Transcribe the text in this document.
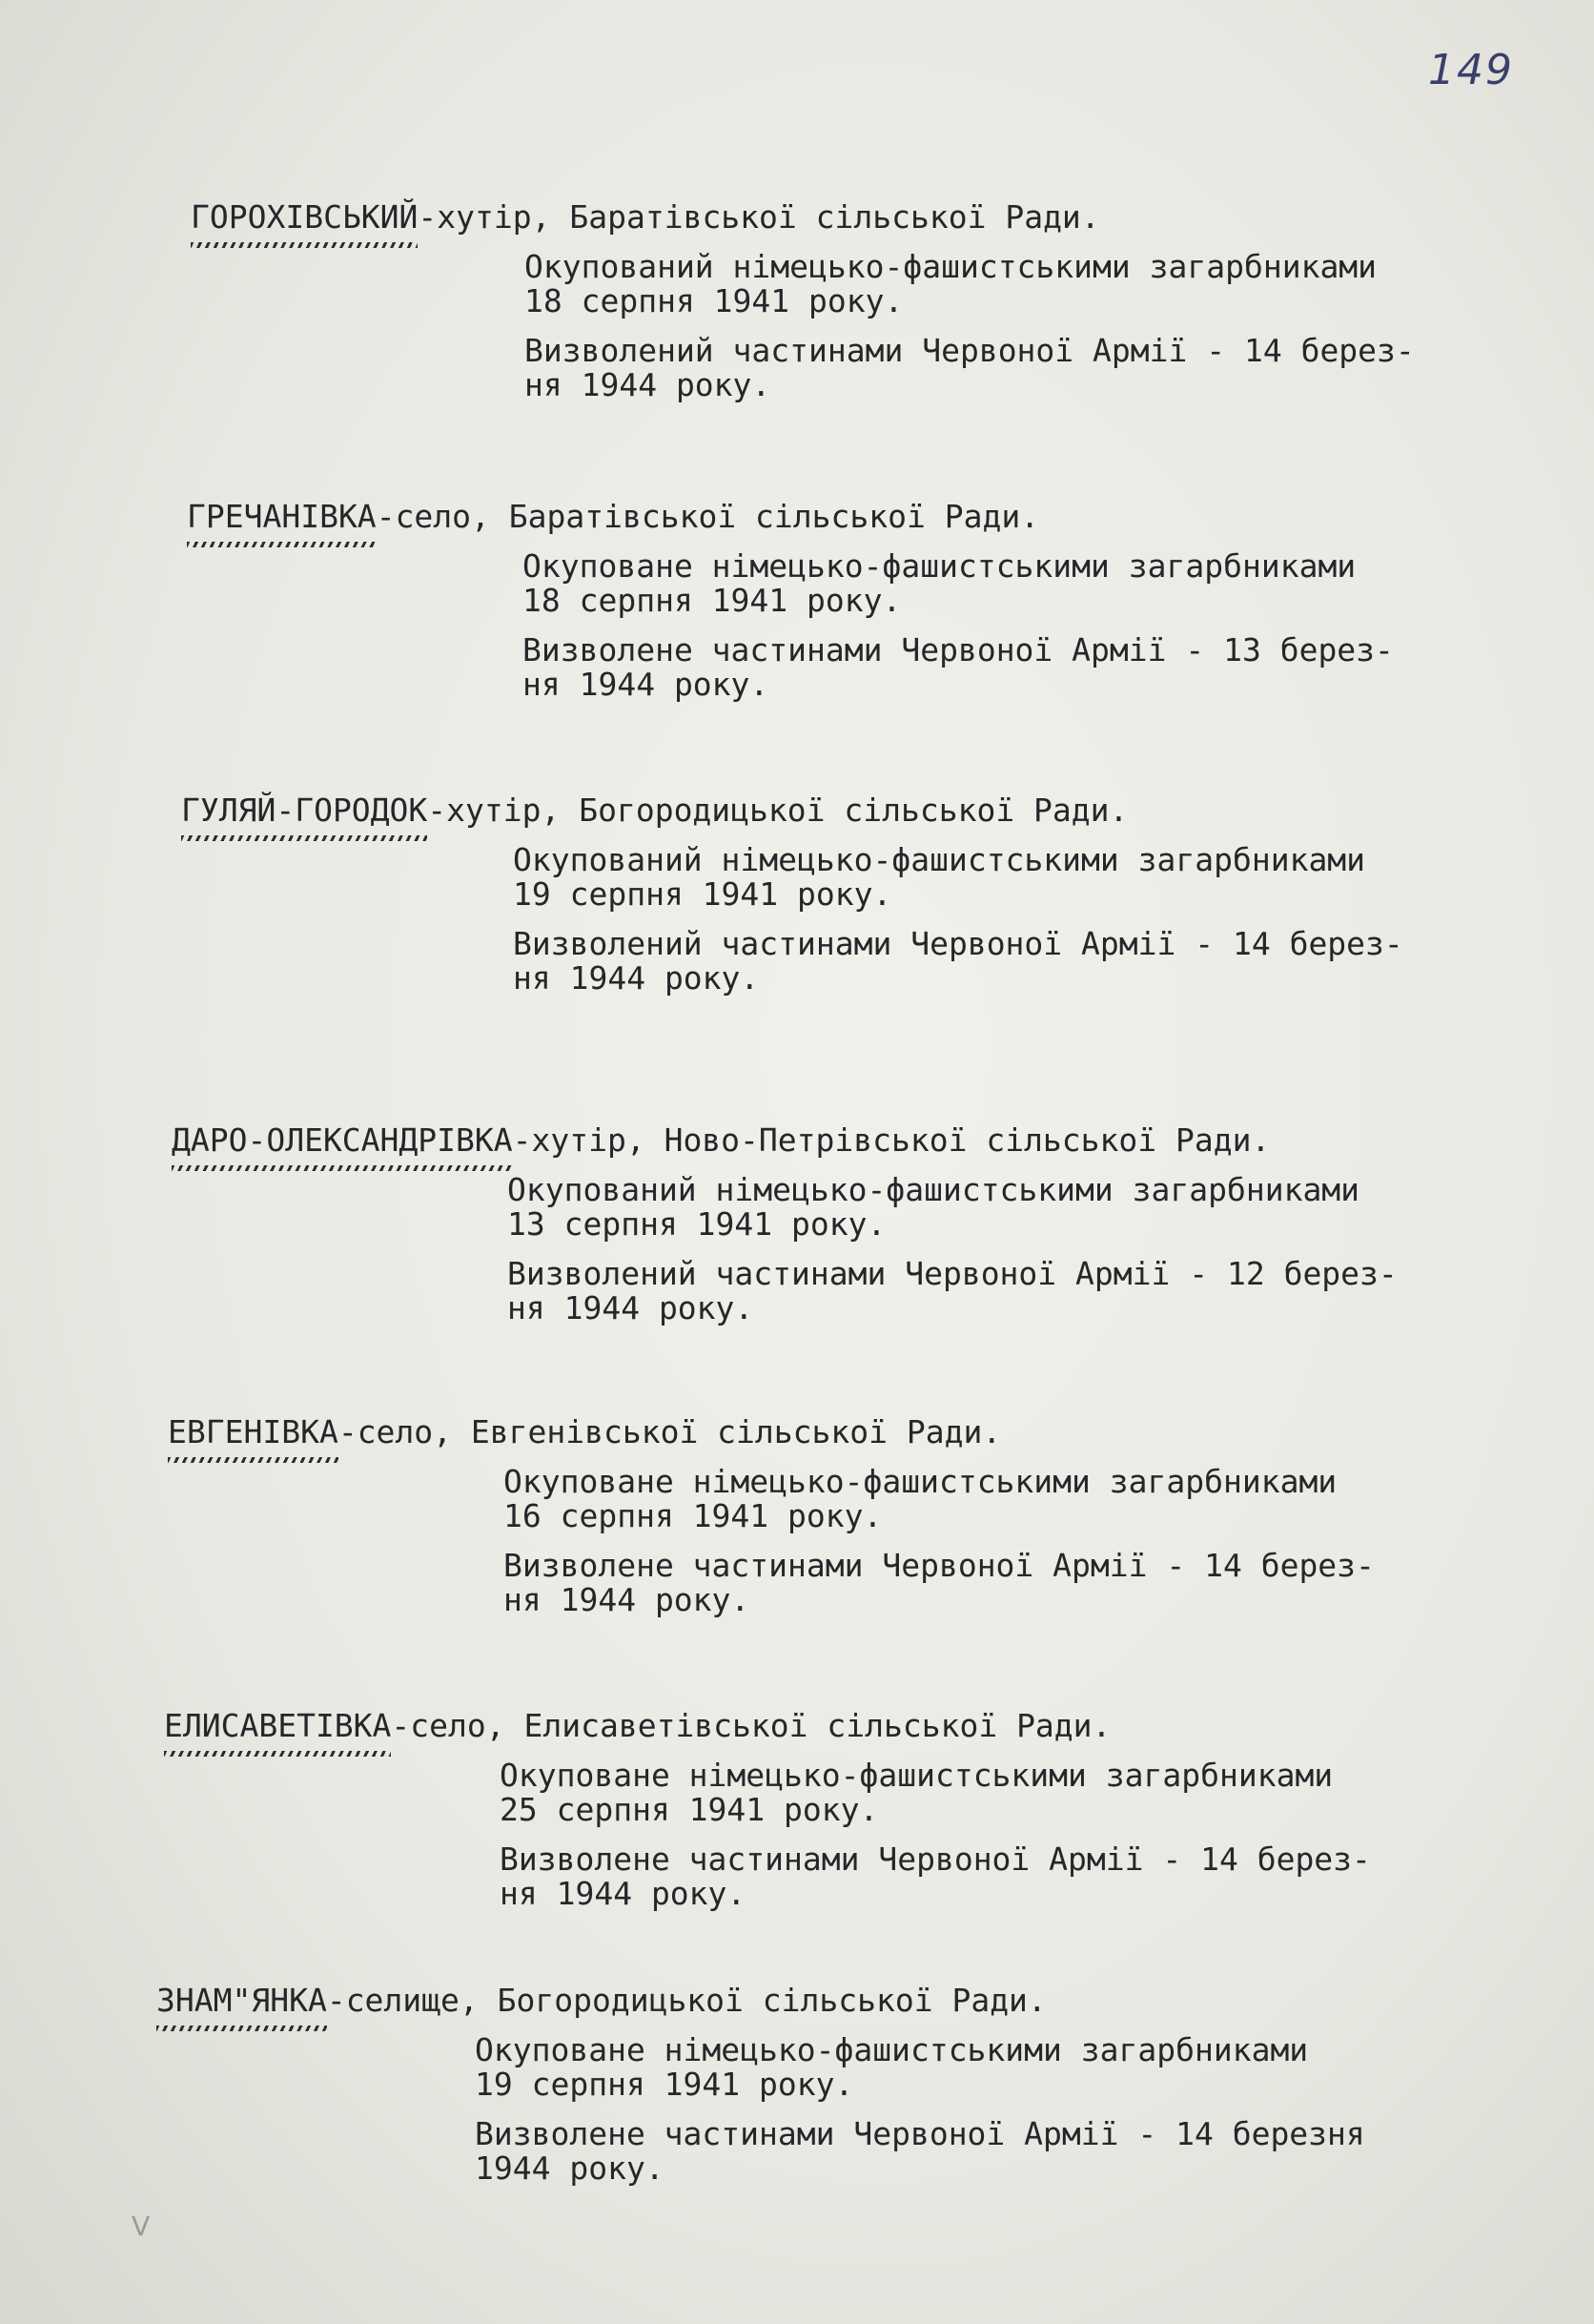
149
ГОРОХІВСЬКИЙ-хутір, Баратівської сільської Ради.
Окупований німецько-фашистськими загарбниками
18 серпня 1941 року.
Визволений частинами Червоної Армії - 14 берез-
ня 1944 року.
ГРЕЧАНІВКА-село, Баратівської сільської Ради.
Окуповане німецько-фашистськими загарбниками
18 серпня 1941 року.
Визволене частинами Червоної Армії - 13 берез-
ня 1944 року.
ГУЛЯЙ-ГОРОДОК-хутір, Богородицької сільської Ради.
Окупований німецько-фашистськими загарбниками
19 серпня 1941 року.
Визволений частинами Червоної Армії - 14 берез-
ня 1944 року.
ДАРО-ОЛЕКСАНДРІВКА-хутір, Ново-Петрівської сільської Ради.
Окупований німецько-фашистськими загарбниками
13 серпня 1941 року.
Визволений частинами Червоної Армії - 12 берез-
ня 1944 року.
ЕВГЕНІВКА-село, Евгенівської сільської Ради.
Окуповане німецько-фашистськими загарбниками
16 серпня 1941 року.
Визволене частинами Червоної Армії - 14 берез-
ня 1944 року.
ЕЛИСАВЕТІВКА-село, Елисаветівської сільської Ради.
Окуповане німецько-фашистськими загарбниками
25 серпня 1941 року.
Визволене частинами Червоної Армії - 14 берез-
ня 1944 року.
ЗНАМ"ЯНКА-селище, Богородицької сільської Ради.
Окуповане німецько-фашистськими загарбниками
19 серпня 1941 року.
Визволене частинами Червоної Армії - 14 березня
1944 року.
V
